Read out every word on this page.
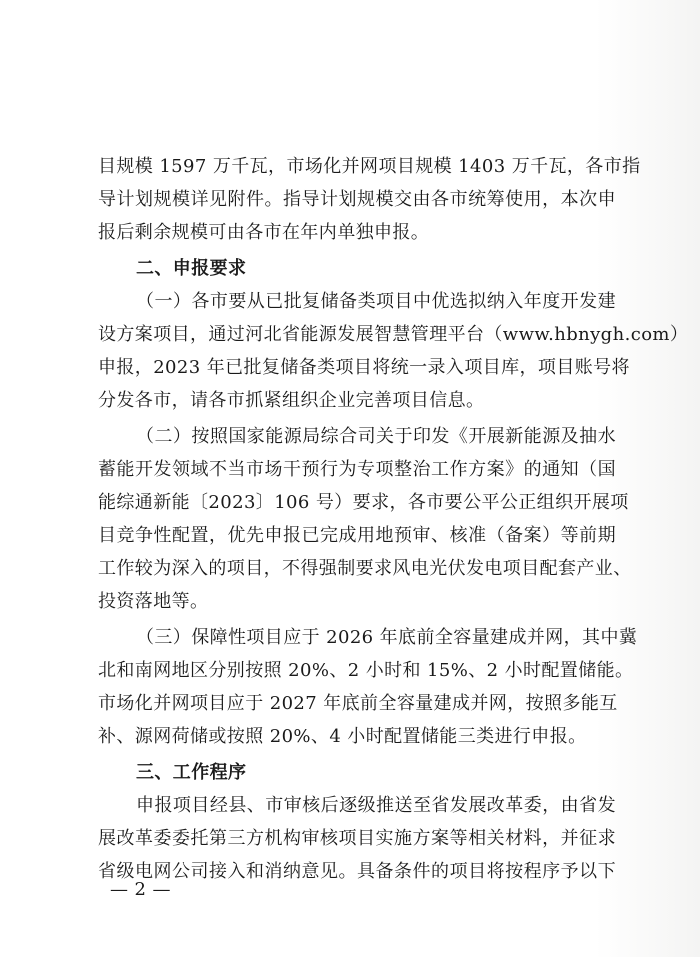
目规模 1597 万千瓦，市场化并网项目规模 1403 万千瓦，各市指
导计划规模详见附件。指导计划规模交由各市统筹使用，本次申
报后剩余规模可由各市在年内单独申报。
二、申报要求
（一）各市要从已批复储备类项目中优选拟纳入年度开发建
设方案项目，通过河北省能源发展智慧管理平台（www.hbnygh.com）
申报，2023 年已批复储备类项目将统一录入项目库，项目账号将
分发各市，请各市抓紧组织企业完善项目信息。
（二）按照国家能源局综合司关于印发《开展新能源及抽水
蓄能开发领域不当市场干预行为专项整治工作方案》的通知（国
能综通新能〔2023〕106 号）要求，各市要公平公正组织开展项
目竞争性配置，优先申报已完成用地预审、核准（备案）等前期
工作较为深入的项目，不得强制要求风电光伏发电项目配套产业、
投资落地等。
（三）保障性项目应于 2026 年底前全容量建成并网，其中冀
北和南网地区分别按照 20%、2 小时和 15%、2 小时配置储能。
市场化并网项目应于 2027 年底前全容量建成并网，按照多能互
补、源网荷储或按照 20%、4 小时配置储能三类进行申报。
三、工作程序
申报项目经县、市审核后逐级推送至省发展改革委，由省发
展改革委委托第三方机构审核项目实施方案等相关材料，并征求
省级电网公司接入和消纳意见。具备条件的项目将按程序予以下
— 2 —
